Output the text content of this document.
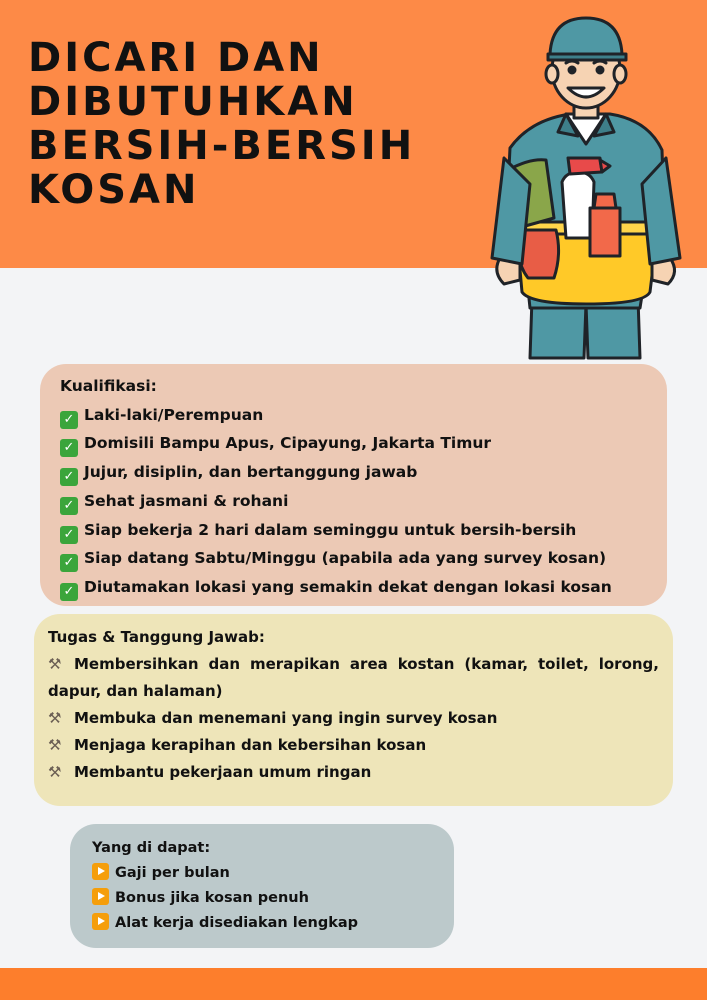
DICARI DAN
DIBUTUHKAN
BERSIH-BERSIH
KOSAN
Kualifikasi:
✓ Laki-laki/Perempuan
✓ Domisili Bampu Apus, Cipayung, Jakarta Timur
✓ Jujur, disiplin, dan bertanggung jawab
✓ Sehat jasmani & rohani
✓ Siap bekerja 2 hari dalam seminggu untuk bersih-bersih
✓ Siap datang Sabtu/Minggu (apabila ada yang survey kosan)
✓ Diutamakan lokasi yang semakin dekat dengan lokasi kosan
Tugas & Tanggung Jawab:
⚒ Membersihkan dan merapikan area kostan (kamar, toilet, lorong, dapur, dan halaman)
⚒ Membuka dan menemani yang ingin survey kosan
⚒ Menjaga kerapihan dan kebersihan kosan
⚒ Membantu pekerjaan umum ringan
Yang di dapat:
Gaji per bulan
Bonus jika kosan penuh
Alat kerja disediakan lengkap
